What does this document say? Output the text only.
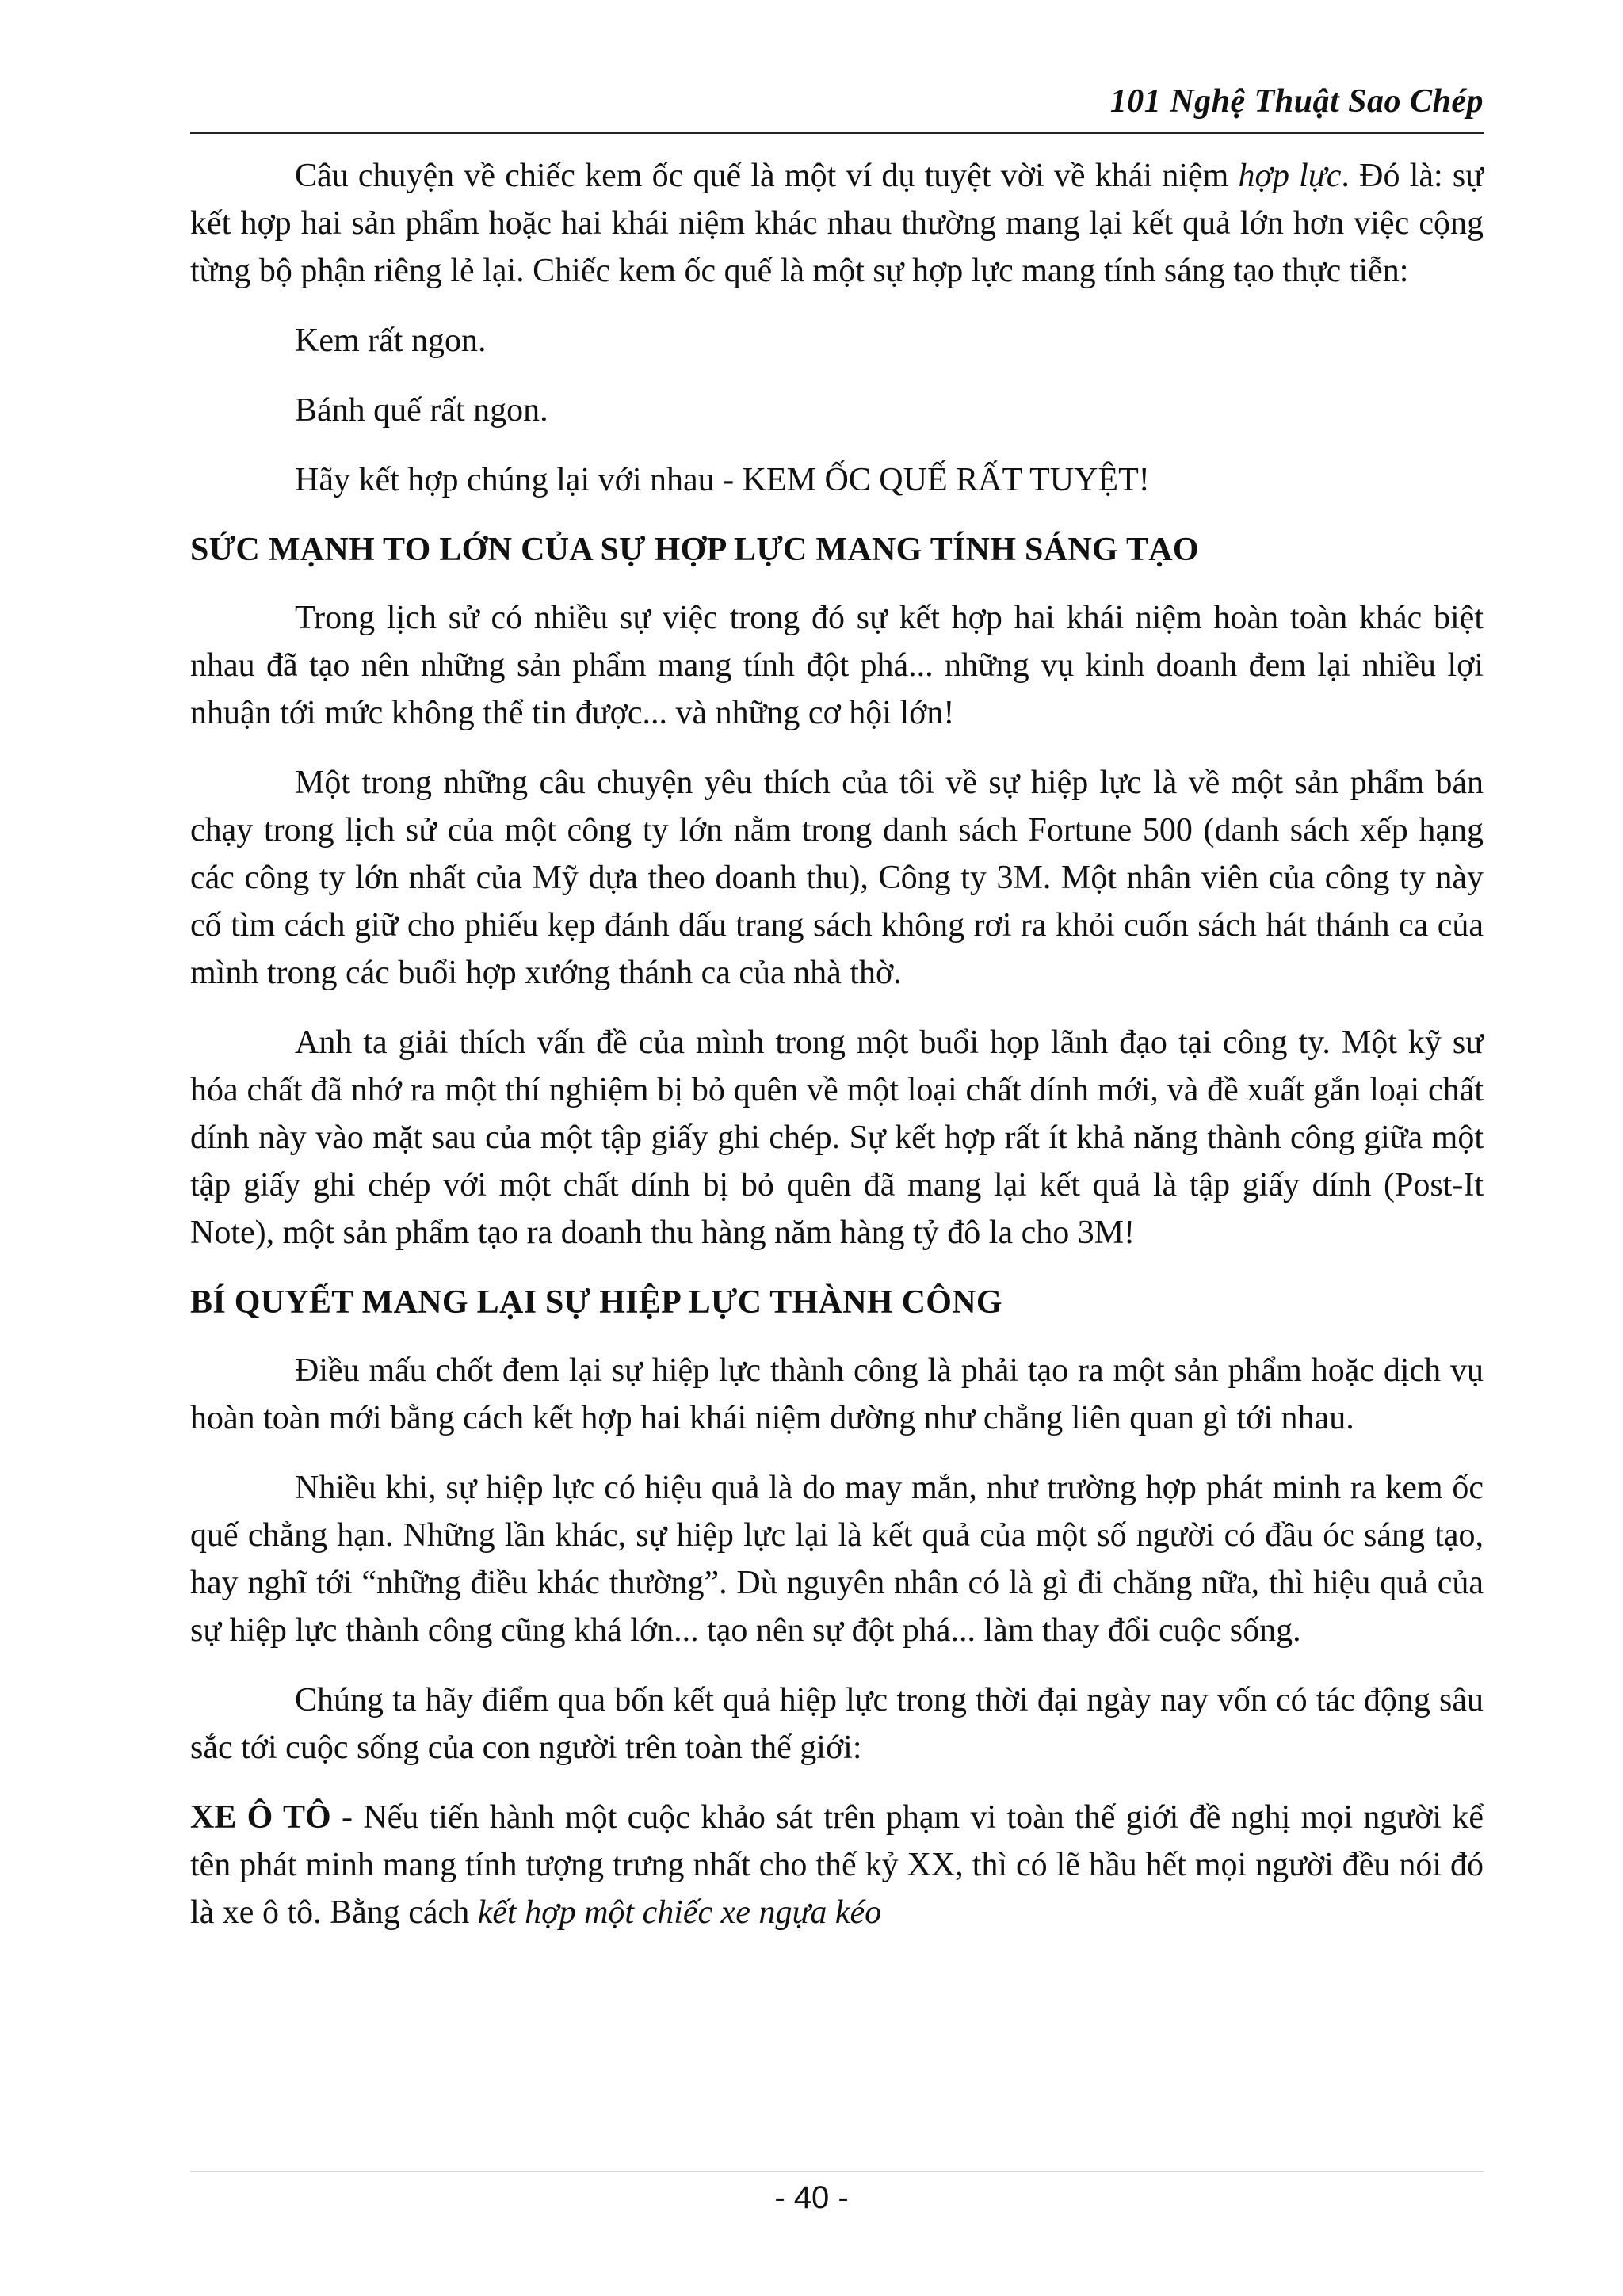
101 Nghệ Thuật Sao Chép

Câu chuyện về chiếc kem ốc quế là một ví dụ tuyệt vời về khái niệm hợp lực. Đó là: sự kết hợp hai sản phẩm hoặc hai khái niệm khác nhau thường mang lại kết quả lớn hơn việc cộng từng bộ phận riêng lẻ lại. Chiếc kem ốc quế là một sự hợp lực mang tính sáng tạo thực tiễn:

Kem rất ngon.

Bánh quế rất ngon.

Hãy kết hợp chúng lại với nhau - KEM ỐC QUẾ RẤT TUYỆT!

SỨC MẠNH TO LỚN CỦA SỰ HỢP LỰC MANG TÍNH SÁNG TẠO

Trong lịch sử có nhiều sự việc trong đó sự kết hợp hai khái niệm hoàn toàn khác biệt nhau đã tạo nên những sản phẩm mang tính đột phá... những vụ kinh doanh đem lại nhiều lợi nhuận tới mức không thể tin được... và những cơ hội lớn!

Một trong những câu chuyện yêu thích của tôi về sự hiệp lực là về một sản phẩm bán chạy trong lịch sử của một công ty lớn nằm trong danh sách Fortune 500 (danh sách xếp hạng các công ty lớn nhất của Mỹ dựa theo doanh thu), Công ty 3M. Một nhân viên của công ty này cố tìm cách giữ cho phiếu kẹp đánh dấu trang sách không rơi ra khỏi cuốn sách hát thánh ca của mình trong các buổi hợp xướng thánh ca của nhà thờ.

Anh ta giải thích vấn đề của mình trong một buổi họp lãnh đạo tại công ty. Một kỹ sư hóa chất đã nhớ ra một thí nghiệm bị bỏ quên về một loại chất dính mới, và đề xuất gắn loại chất dính này vào mặt sau của một tập giấy ghi chép. Sự kết hợp rất ít khả năng thành công giữa một tập giấy ghi chép với một chất dính bị bỏ quên đã mang lại kết quả là tập giấy dính (Post-It Note), một sản phẩm tạo ra doanh thu hàng năm hàng tỷ đô la cho 3M!

BÍ QUYẾT MANG LẠI SỰ HIỆP LỰC THÀNH CÔNG

Điều mấu chốt đem lại sự hiệp lực thành công là phải tạo ra một sản phẩm hoặc dịch vụ hoàn toàn mới bằng cách kết hợp hai khái niệm dường như chẳng liên quan gì tới nhau.

Nhiều khi, sự hiệp lực có hiệu quả là do may mắn, như trường hợp phát minh ra kem ốc quế chẳng hạn. Những lần khác, sự hiệp lực lại là kết quả của một số người có đầu óc sáng tạo, hay nghĩ tới “những điều khác thường”. Dù nguyên nhân có là gì đi chăng nữa, thì hiệu quả của sự hiệp lực thành công cũng khá lớn... tạo nên sự đột phá... làm thay đổi cuộc sống.

Chúng ta hãy điểm qua bốn kết quả hiệp lực trong thời đại ngày nay vốn có tác động sâu sắc tới cuộc sống của con người trên toàn thế giới:

XE Ô TÔ - Nếu tiến hành một cuộc khảo sát trên phạm vi toàn thế giới đề nghị mọi người kể tên phát minh mang tính tượng trưng nhất cho thế kỷ XX, thì có lẽ hầu hết mọi người đều nói đó là xe ô tô. Bằng cách kết hợp một chiếc xe ngựa kéo

- 40 -
